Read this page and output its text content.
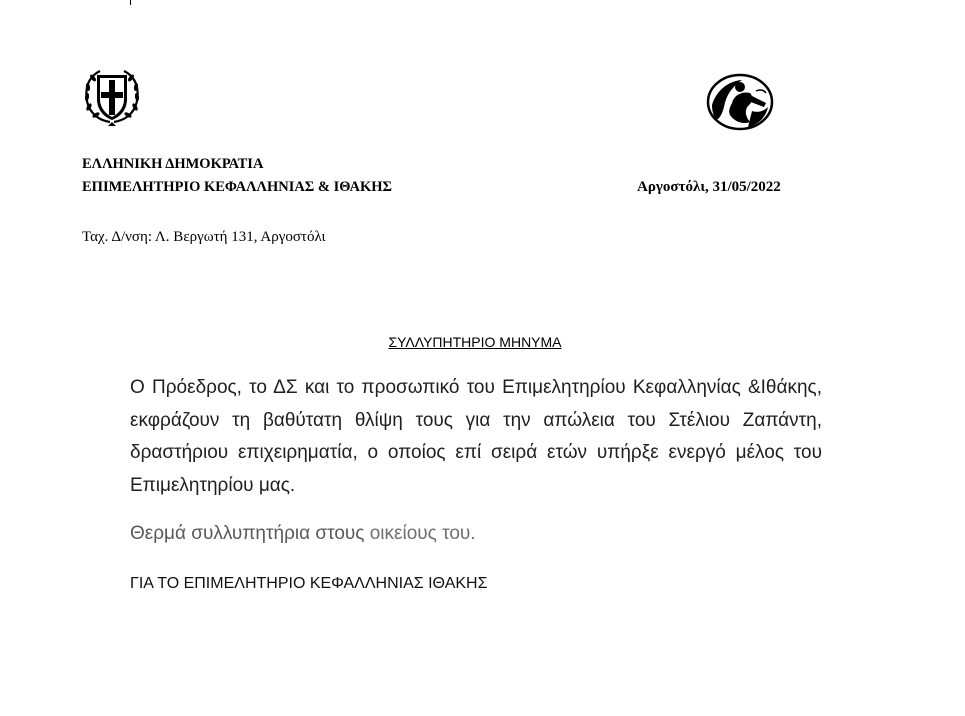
ΕΛΛΗΝΙΚΗ ΔΗΜΟΚΡΑΤΙΑ
ΕΠΙΜΕΛΗΤΗΡΙΟ ΚΕΦΑΛΛΗΝΙΑΣ & ΙΘΑΚΗΣ	Αργοστόλι, 31/05/2022
Ταχ. Δ/νση: Λ. Βεργωτή 131, Αργοστόλι
ΣΥΛΛΥΠΗΤΗΡΙΟ ΜΗΝΥΜΑ
Ο Πρόεδρος, το ΔΣ και το προσωπικό του Επιμελητηρίου Κεφαλληνίας &Ιθάκης, εκφράζουν τη βαθύτατη θλίψη τους για την απώλεια του Στέλιου Ζαπάντη, δραστήριου επιχειρηματία, ο οποίος επί σειρά ετών υπήρξε ενεργό μέλος του Επιμελητηρίου μας.
Θερμά συλλυπητήρια στους οικείους του.
ΓΙΑ ΤΟ ΕΠΙΜΕΛΗΤΗΡΙΟ ΚΕΦΑΛΛΗΝΙΑΣ ΙΘΑΚΗΣ
